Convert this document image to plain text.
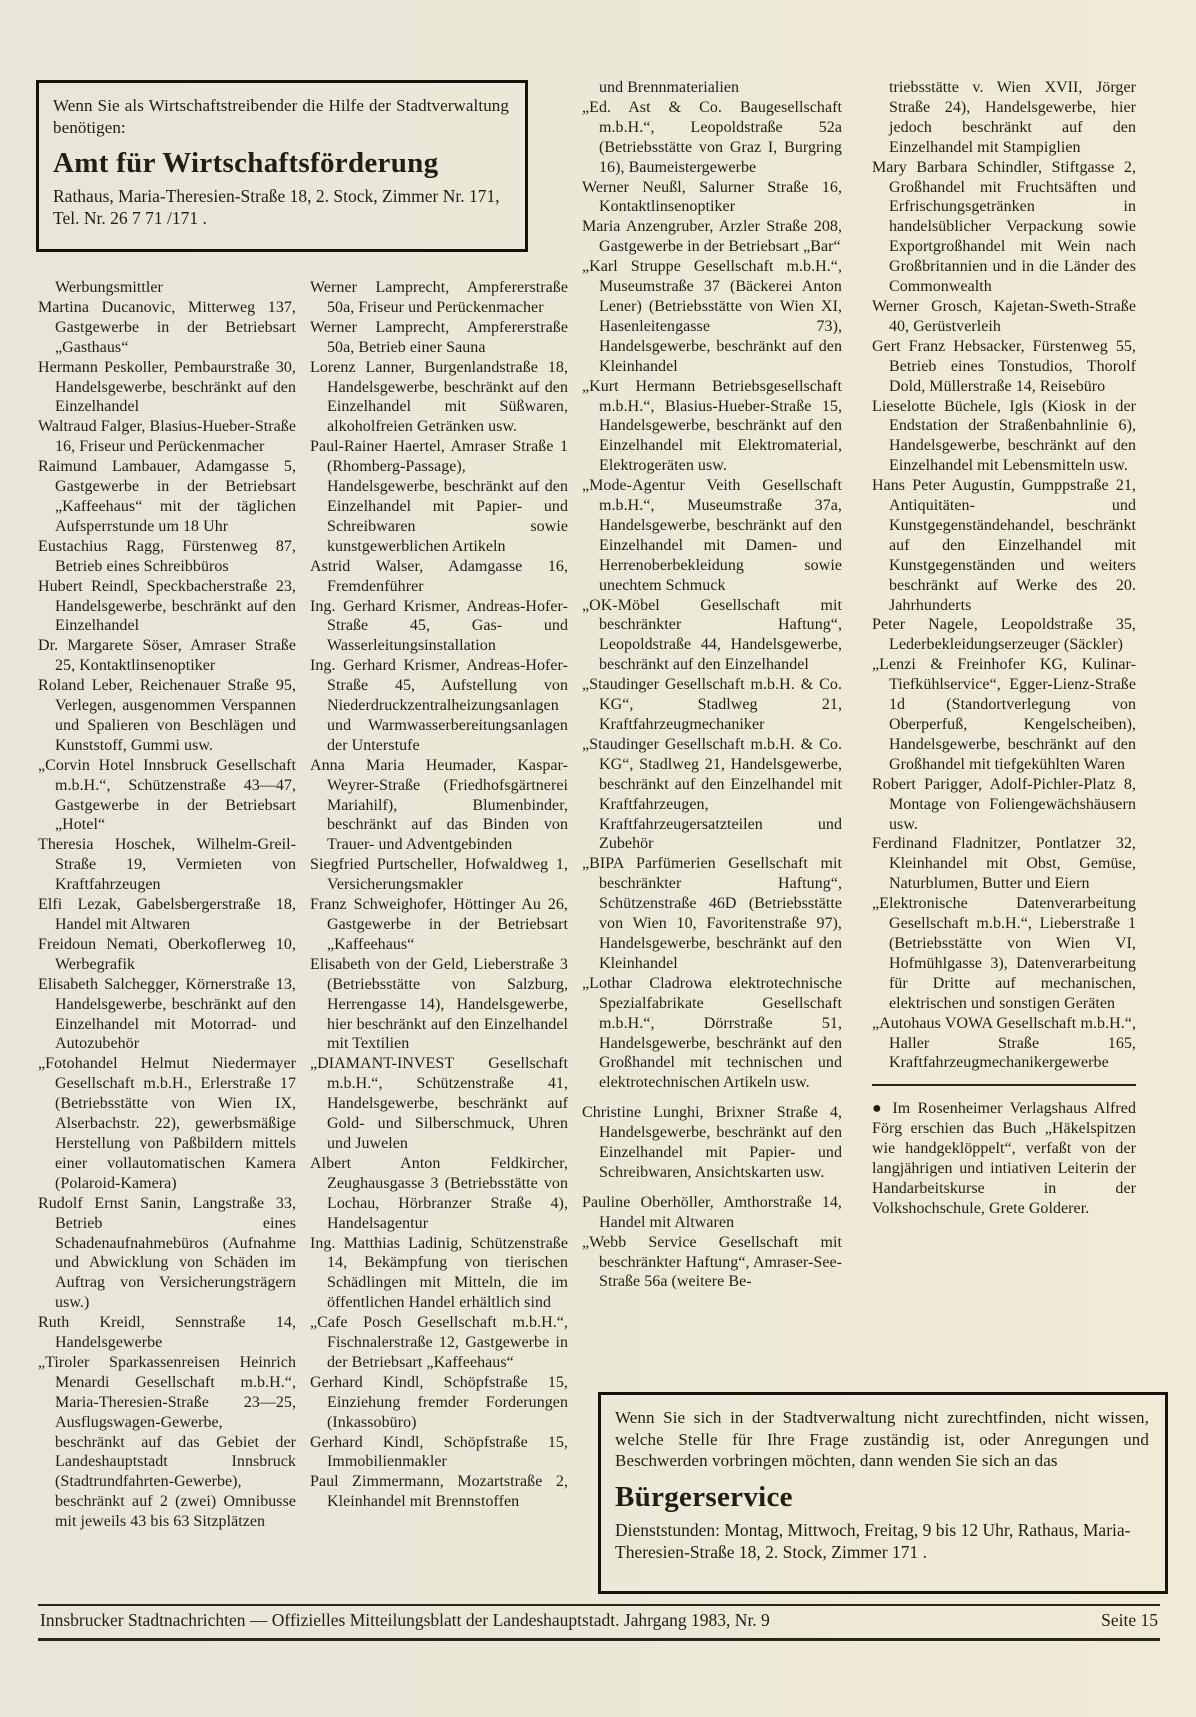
Wenn Sie als Wirtschaftstreibender die Hilfe der Stadtverwaltung benötigen:

Amt für Wirtschaftsförderung

Rathaus, Maria-Theresien-Straße 18, 2. Stock, Zimmer Nr. 171, Tel. Nr. 26 7 71 /171 .

Werbungsmittler

Martina Ducanovic, Mitterweg 137, Gastgewerbe in der Betriebsart „Gasthaus“

Hermann Peskoller, Pembaurstraße 30, Handelsgewerbe, beschränkt auf den Einzelhandel

Waltraud Falger, Blasius-Hueber-Straße 16, Friseur und Perückenmacher

Raimund Lambauer, Adamgasse 5, Gastgewerbe in der Betriebsart „Kaffeehaus“ mit der täglichen Aufsperrstunde um 18 Uhr

Eustachius Ragg, Fürstenweg 87, Betrieb eines Schreibbüros

Hubert Reindl, Speckbacherstraße 23, Handelsgewerbe, beschränkt auf den Einzelhandel

Dr. Margarete Söser, Amraser Straße 25, Kontaktlinsenoptiker

Roland Leber, Reichenauer Straße 95, Verlegen, ausgenommen Verspannen und Spalieren von Beschlägen und Kunststoff, Gummi usw.

„Corvin Hotel Innsbruck Gesellschaft m.b.H.“, Schützenstraße 43—47, Gastgewerbe in der Betriebsart „Hotel“

Theresia Hoschek, Wilhelm-Greil-Straße 19, Vermieten von Kraftfahrzeugen

Elfi Lezak, Gabelsbergerstraße 18, Handel mit Altwaren

Freidoun Nemati, Oberkoflerweg 10, Werbegrafik

Elisabeth Salchegger, Körnerstraße 13, Handelsgewerbe, beschränkt auf den Einzelhandel mit Motorrad- und Autozubehör

„Fotohandel Helmut Niedermayer Gesellschaft m.b.H., Erlerstraße 17 (Betriebsstätte von Wien IX, Alserbachstr. 22), gewerbsmäßige Herstellung von Paßbildern mittels einer vollautomatischen Kamera (Polaroid-Kamera)

Rudolf Ernst Sanin, Langstraße 33, Betrieb eines Schadenaufnahmebüros (Aufnahme und Abwicklung von Schäden im Auftrag von Versicherungsträgern usw.)

Ruth Kreidl, Sennstraße 14, Handelsgewerbe

„Tiroler Sparkassenreisen Heinrich Menardi Gesellschaft m.b.H.“, Maria-Theresien-Straße 23—25, Ausflugswagen-Gewerbe, beschränkt auf das Gebiet der Landeshauptstadt Innsbruck (Stadtrundfahrten-Gewerbe), beschränkt auf 2 (zwei) Omnibusse mit jeweils 43 bis 63 Sitzplätzen

Werner Lamprecht, Ampfererstraße 50a, Friseur und Perückenmacher

Werner Lamprecht, Ampfererstraße 50a, Betrieb einer Sauna

Lorenz Lanner, Burgenlandstraße 18, Handelsgewerbe, beschränkt auf den Einzelhandel mit Süßwaren, alkoholfreien Getränken usw.

Paul-Rainer Haertel, Amraser Straße 1 (Rhomberg-Passage), Handelsgewerbe, beschränkt auf den Einzelhandel mit Papier- und Schreibwaren sowie kunstgewerblichen Artikeln

Astrid Walser, Adamgasse 16, Fremdenführer

Ing. Gerhard Krismer, Andreas-Hofer-Straße 45, Gas- und Wasserleitungsinstallation

Ing. Gerhard Krismer, Andreas-Hofer-Straße 45, Aufstellung von Niederdruckzentralheizungsanlagen und Warmwasserbereitungsanlagen der Unterstufe

Anna Maria Heumader, Kaspar-Weyrer-Straße (Friedhofsgärtnerei Mariahilf), Blumenbinder, beschränkt auf das Binden von Trauer- und Adventgebinden

Siegfried Purtscheller, Hofwaldweg 1, Versicherungsmakler

Franz Schweighofer, Höttinger Au 26, Gastgewerbe in der Betriebsart „Kaffeehaus“

Elisabeth von der Geld, Lieberstraße 3 (Betriebsstätte von Salzburg, Herrengasse 14), Handelsgewerbe, hier beschränkt auf den Einzelhandel mit Textilien

„DIAMANT-INVEST Gesellschaft m.b.H.“, Schützenstraße 41, Handelsgewerbe, beschränkt auf Gold- und Silberschmuck, Uhren und Juwelen

Albert Anton Feldkircher, Zeughausgasse 3 (Betriebsstätte von Lochau, Hörbranzer Straße 4), Handelsagentur

Ing. Matthias Ladinig, Schützenstraße 14, Bekämpfung von tierischen Schädlingen mit Mitteln, die im öffentlichen Handel erhältlich sind

„Cafe Posch Gesellschaft m.b.H.“, Fischnalerstraße 12, Gastgewerbe in der Betriebsart „Kaffeehaus“

Gerhard Kindl, Schöpfstraße 15, Einziehung fremder Forderungen (Inkassobüro)

Gerhard Kindl, Schöpfstraße 15, Immobilienmakler

Paul Zimmermann, Mozartstraße 2, Kleinhandel mit Brennstoffen

und Brennmaterialien

„Ed. Ast & Co. Baugesellschaft m.b.H.“, Leopoldstraße 52a (Betriebsstätte von Graz I, Burgring 16), Baumeistergewerbe

Werner Neußl, Salurner Straße 16, Kontaktlinsenoptiker

Maria Anzengruber, Arzler Straße 208, Gastgewerbe in der Betriebsart „Bar“

„Karl Struppe Gesellschaft m.b.H.“, Museumstraße 37 (Bäckerei Anton Lener) (Betriebsstätte von Wien XI, Hasenleitengasse 73), Handelsgewerbe, beschränkt auf den Kleinhandel

„Kurt Hermann Betriebsgesellschaft m.b.H.“, Blasius-Hueber-Straße 15, Handelsgewerbe, beschränkt auf den Einzelhandel mit Elektromaterial, Elektrogeräten usw.

„Mode-Agentur Veith Gesellschaft m.b.H.“, Museumstraße 37a, Handelsgewerbe, beschränkt auf den Einzelhandel mit Damen- und Herrenoberbekleidung sowie unechtem Schmuck

„OK-Möbel Gesellschaft mit beschränkter Haftung“, Leopoldstraße 44, Handelsgewerbe, beschränkt auf den Einzelhandel

„Staudinger Gesellschaft m.b.H. & Co. KG“, Stadlweg 21, Kraftfahrzeugmechaniker

„Staudinger Gesellschaft m.b.H. & Co. KG“, Stadlweg 21, Handelsgewerbe, beschränkt auf den Einzelhandel mit Kraftfahrzeugen, Kraftfahrzeugersatzteilen und Zubehör

„BIPA Parfümerien Gesellschaft mit beschränkter Haftung“, Schützenstraße 46D (Betriebsstätte von Wien 10, Favoritenstraße 97), Handelsgewerbe, beschränkt auf den Kleinhandel

„Lothar Cladrowa elektrotechnische Spezialfabrikate Gesellschaft m.b.H.“, Dörrstraße 51, Handelsgewerbe, beschränkt auf den Großhandel mit technischen und elektrotechnischen Artikeln usw.

Christine Lunghi, Brixner Straße 4, Handelsgewerbe, beschränkt auf den Einzelhandel mit Papier- und Schreibwaren, Ansichtskarten usw.

Pauline Oberhöller, Amthorstraße 14, Handel mit Altwaren

„Webb Service Gesellschaft mit beschränkter Haftung“, Amraser-See-Straße 56a (weitere Be-

triebsstätte v. Wien XVII, Jörger Straße 24), Handelsgewerbe, hier jedoch beschränkt auf den Einzelhandel mit Stampiglien

Mary Barbara Schindler, Stiftgasse 2, Großhandel mit Fruchtsäften und Erfrischungsgetränken in handelsüblicher Verpackung sowie Exportgroßhandel mit Wein nach Großbritannien und in die Länder des Commonwealth

Werner Grosch, Kajetan-Sweth-Straße 40, Gerüstverleih

Gert Franz Hebsacker, Fürstenweg 55, Betrieb eines Tonstudios, Thorolf Dold, Müllerstraße 14, Reisebüro

Lieselotte Büchele, Igls (Kiosk in der Endstation der Straßenbahnlinie 6), Handelsgewerbe, beschränkt auf den Einzelhandel mit Lebensmitteln usw.

Hans Peter Augustin, Gumppstraße 21, Antiquitäten- und Kunstgegenständehandel, beschränkt auf den Einzelhandel mit Kunstgegenständen und weiters beschränkt auf Werke des 20. Jahrhunderts

Peter Nagele, Leopoldstraße 35, Lederbekleidungserzeuger (Säckler)

„Lenzi & Freinhofer KG, Kulinar-Tiefkühlservice“, Egger-Lienz-Straße 1d (Standortverlegung von Oberperfuß, Kengelscheiben), Handelsgewerbe, beschränkt auf den Großhandel mit tiefgekühlten Waren

Robert Parigger, Adolf-Pichler-Platz 8, Montage von Foliengewächshäusern usw.

Ferdinand Fladnitzer, Pontlatzer 32, Kleinhandel mit Obst, Gemüse, Naturblumen, Butter und Eiern

„Elektronische Datenverarbeitung Gesellschaft m.b.H.“, Lieberstraße 1 (Betriebsstätte von Wien VI, Hofmühlgasse 3), Datenverarbeitung für Dritte auf mechanischen, elektrischen und sonstigen Geräten

„Autohaus VOWA Gesellschaft m.b.H.“, Haller Straße 165, Kraftfahrzeugmechanikergewerbe

● Im Rosenheimer Verlagshaus Alfred Förg erschien das Buch „Häkelspitzen wie handgeklöppelt“, verfaßt von der langjährigen und intiativen Leiterin der Handarbeitskurse in der Volkshochschule, Grete Golderer.

Wenn Sie sich in der Stadtverwaltung nicht zurechtfinden, nicht wissen, welche Stelle für Ihre Frage zuständig ist, oder Anregungen und Beschwerden vorbringen möchten, dann wenden Sie sich an das

Bürgerservice

Dienststunden: Montag, Mittwoch, Freitag, 9 bis 12 Uhr, Rathaus, Maria-Theresien-Straße 18, 2. Stock, Zimmer 171 .

Innsbrucker Stadtnachrichten — Offizielles Mitteilungsblatt der Landeshauptstadt. Jahrgang 1983, Nr. 9	Seite 15
